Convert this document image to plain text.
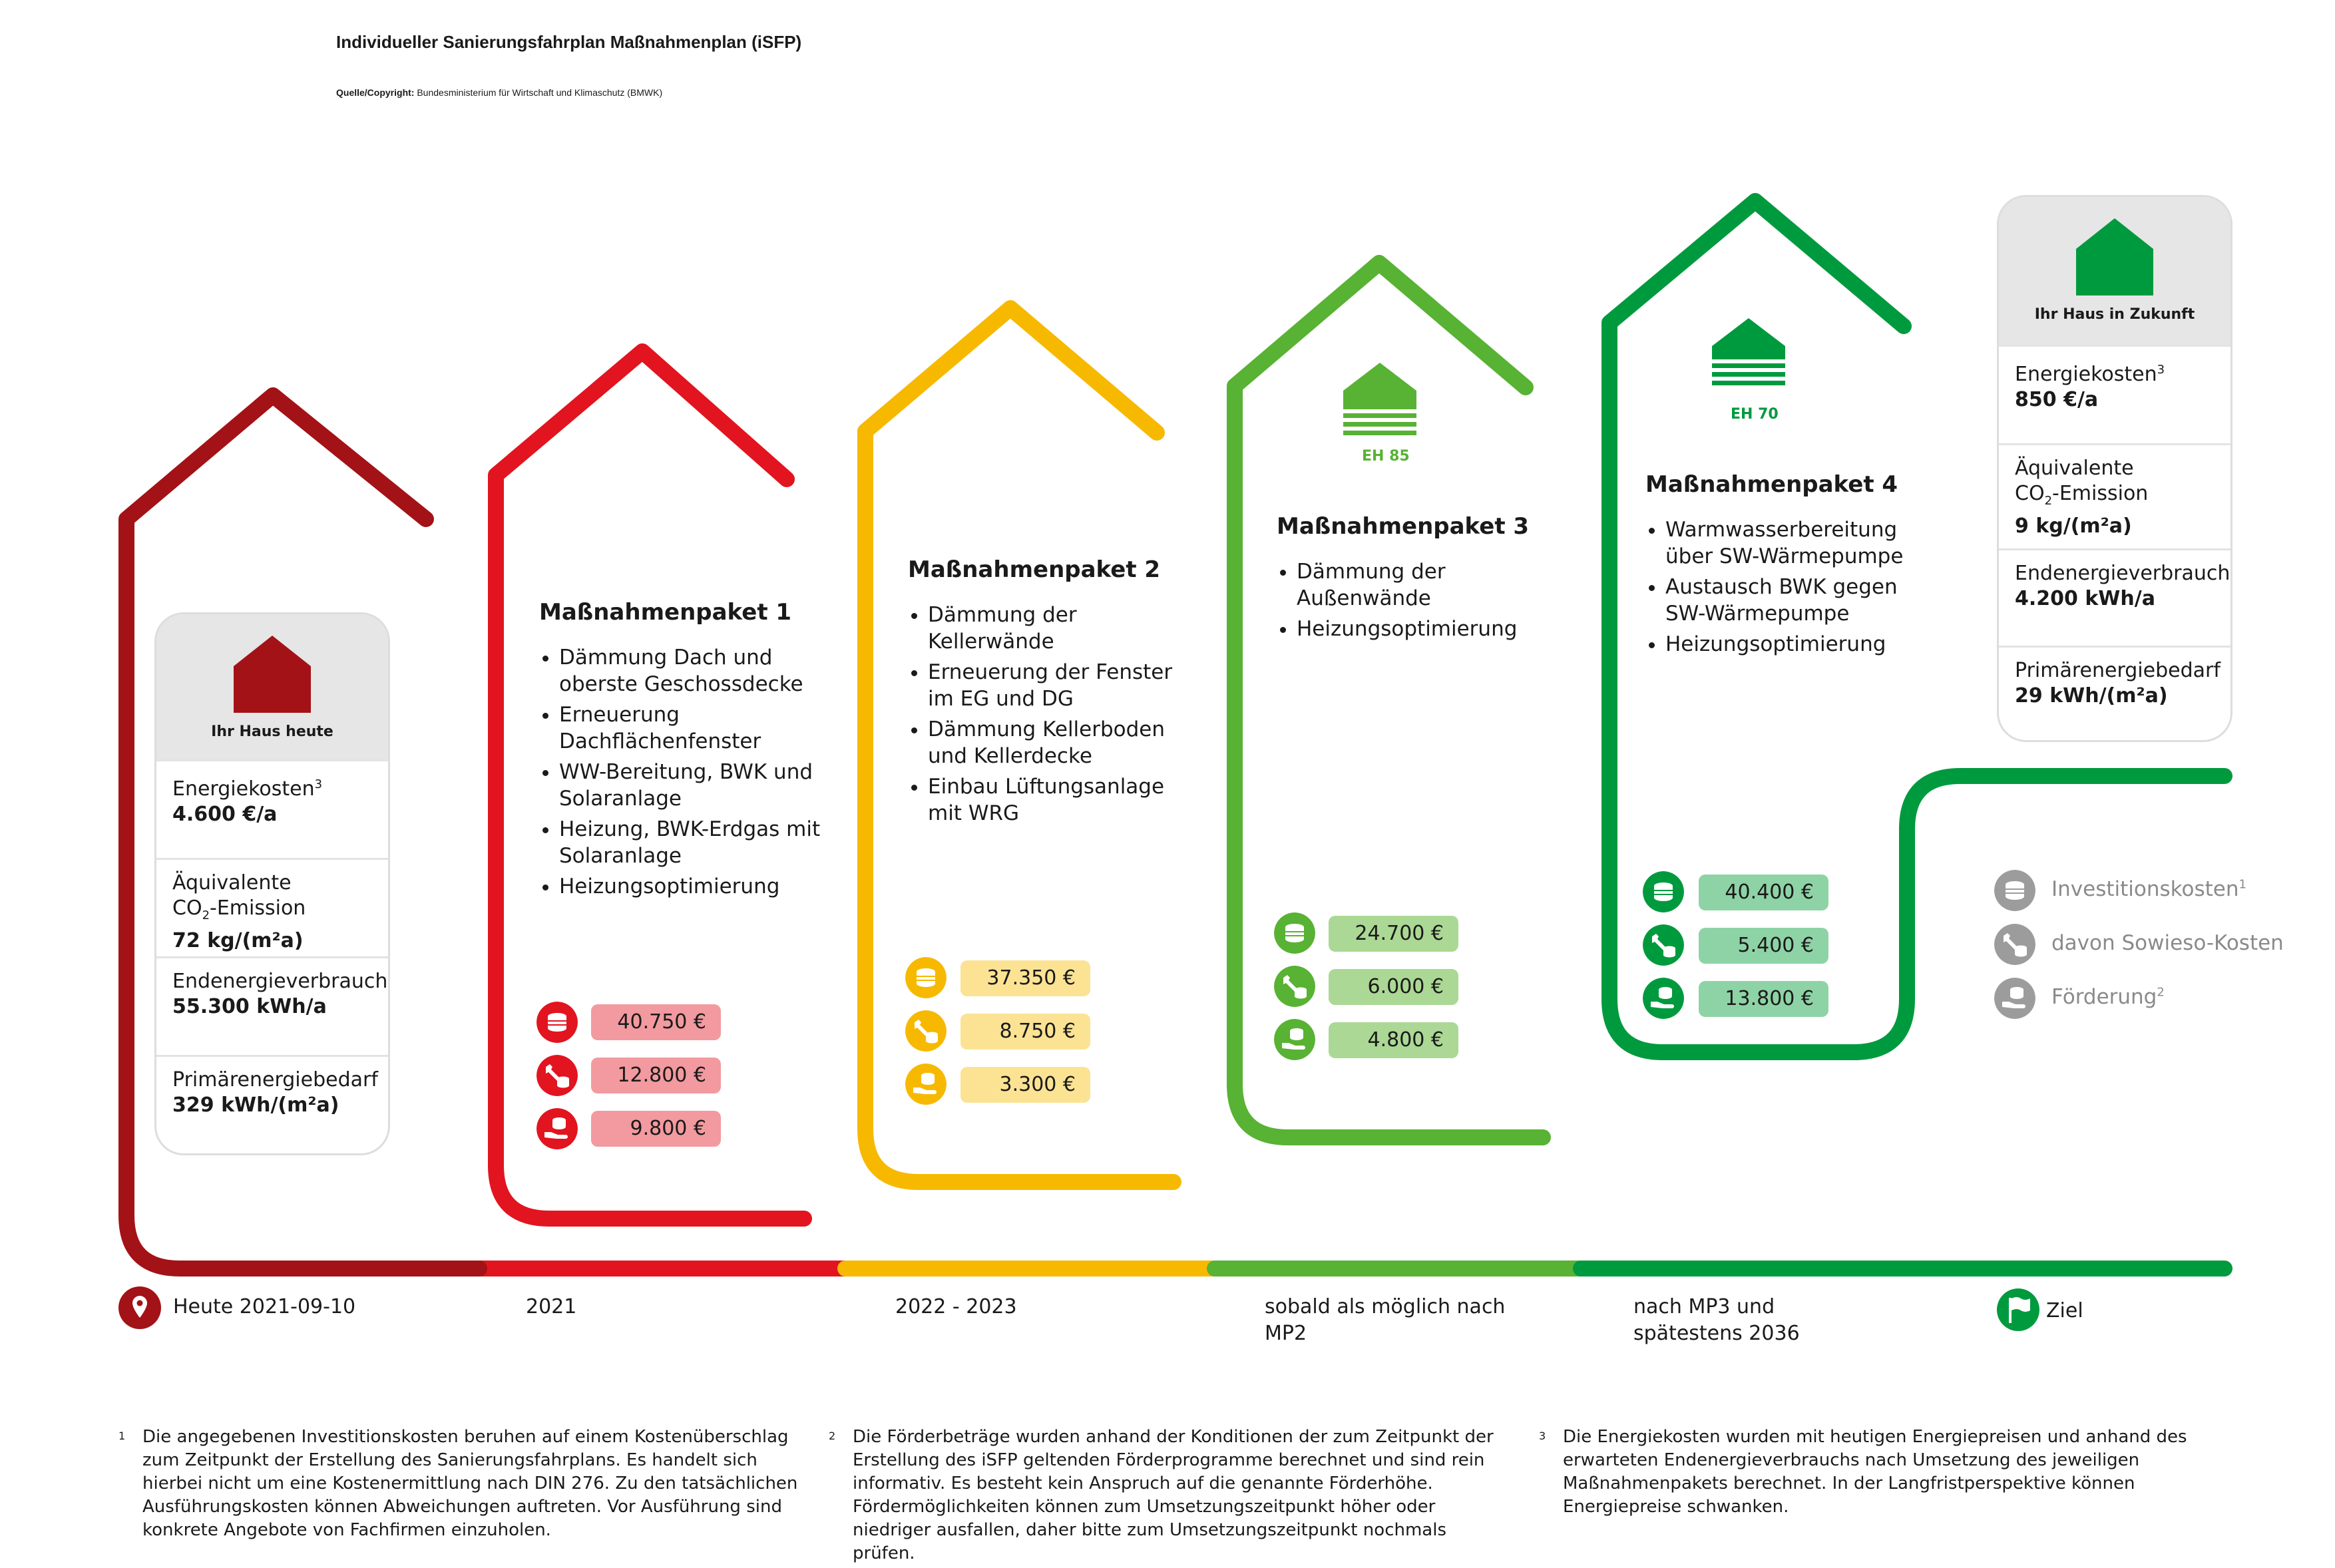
Individueller Sanierungsfahrplan Maßnahmenplan (iSFP)
Quelle/Copyright: Bundesministerium für Wirtschaft und Klimaschutz (BMWK)
Ihr Haus heute
Energiekosten$^3$
4.600 €/a
Äquivalente
$CO_2$-Emission
72 kg/(m²a)
Endenergieverbrauch
55.300 kWh/a
Primärenergiebedarf
329 kWh/(m²a)
Maßnahmenpaket 1
• Dämmung Dach und oberste Geschossdecke
• Erneuerung Dachflächenfenster
• WW-Bereitung, BWK und Solaranlage
• Heizung, BWK-Erdgas mit Solaranlage
• Heizungsoptimierung
40.750 €
12.800 €
9.800 €
Maßnahmenpaket 2
• Dämmung der Kellerwände
• Erneuerung der Fenster im EG und DG
• Dämmung Kellerboden und Kellerdecke
• Einbau Lüftungsanlage mit WRG
37.350 €
8.750 €
3.300 €
EH 85
Maßnahmenpaket 3
• Dämmung der Außenwände
• Heizungsoptimierung
24.700 €
6.000 €
4.800 €
EH 70
Maßnahmenpaket 4
• Warmwasserbereitung über SW-Wärmepumpe
• Austausch BWK gegen SW-Wärmepumpe
• Heizungsoptimierung
40.400 €
5.400 €
13.800 €
Ihr Haus in Zukunft
Energiekosten$^3$
850 €/a
Äquivalente
$CO_2$-Emission
9 kg/(m²a)
Endenergieverbrauch
4.200 kWh/a
Primärenergiebedarf
29 kWh/(m²a)
Investitionskosten$^1$
davon Sowieso-Kosten
Förderung$^2$
Heute 2021-09-10	2021	2022 - 2023	sobald als möglich nach MP2
nach MP3 und spätestens 2036
Ziel
1 Die angegebenen Investitionskosten beruhen auf einem Kostenüberschlag zum Zeitpunkt der Erstellung des Sanierungsfahrplans. Es handelt sich hierbei nicht um eine Kostenermittlung nach DIN 276. Zu den tatsächlichen Ausführungskosten können Abweichungen auftreten. Vor Ausführung sind konkrete Angebote von Fachfirmen einzuholen.
2 Die Förderbeträge wurden anhand der Konditionen der zum Zeitpunkt der Erstellung des iSFP geltenden Förderprogramme berechnet und sind rein informativ. Es besteht kein Anspruch auf die genannte Förderhöhe. Fördermöglichkeiten können zum Umsetzungszeitpunkt höher oder niedriger ausfallen, daher bitte zum Umsetzungszeitpunkt nochmals prüfen.
3 Die Energiekosten wurden mit heutigen Energiepreisen und anhand des erwarteten Endenergieverbrauchs nach Umsetzung des jeweiligen Maßnahmenpakets berechnet. In der Langfristperspektive können Energiepreise schwanken.
